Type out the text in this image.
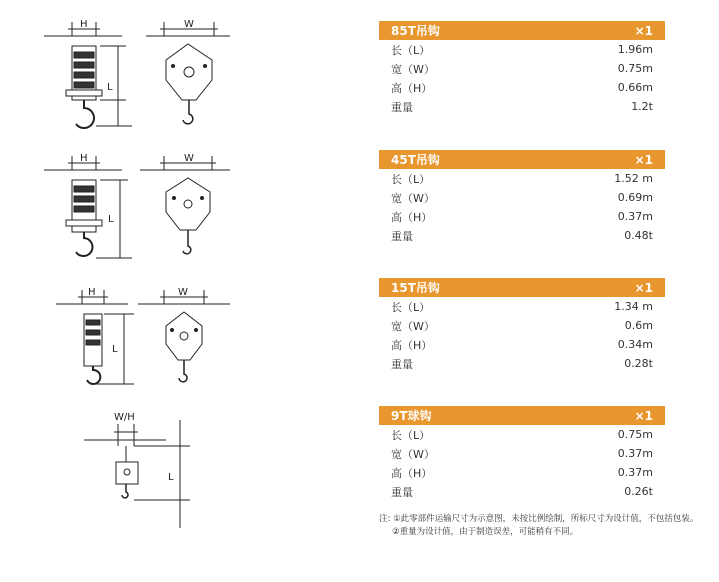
H
L
W
H
L
W
H
L
W
W/H
L
85T吊钩	×1
长（L）	1.96m
宽（W）	0.75m
高（H）	0.66m
重量	1.2t
45T吊钩	×1
长（L）	1.52 m
宽（W）	0.69m
高（H）	0.37m
重量	0.48t
15T吊钩	×1
长（L）	1.34 m
宽（W）	0.6m
高（H）	0.34m
重量	0.28t
9T球钩	×1
长（L）	0.75m
宽（W）	0.37m
高（H）	0.37m
重量	0.26t
注: ①此零部件运输尺寸为示意图，未按比例绘制，所标尺寸为设计值，不包括包装。
②重量为设计值，由于制造误差，可能稍有不同。
